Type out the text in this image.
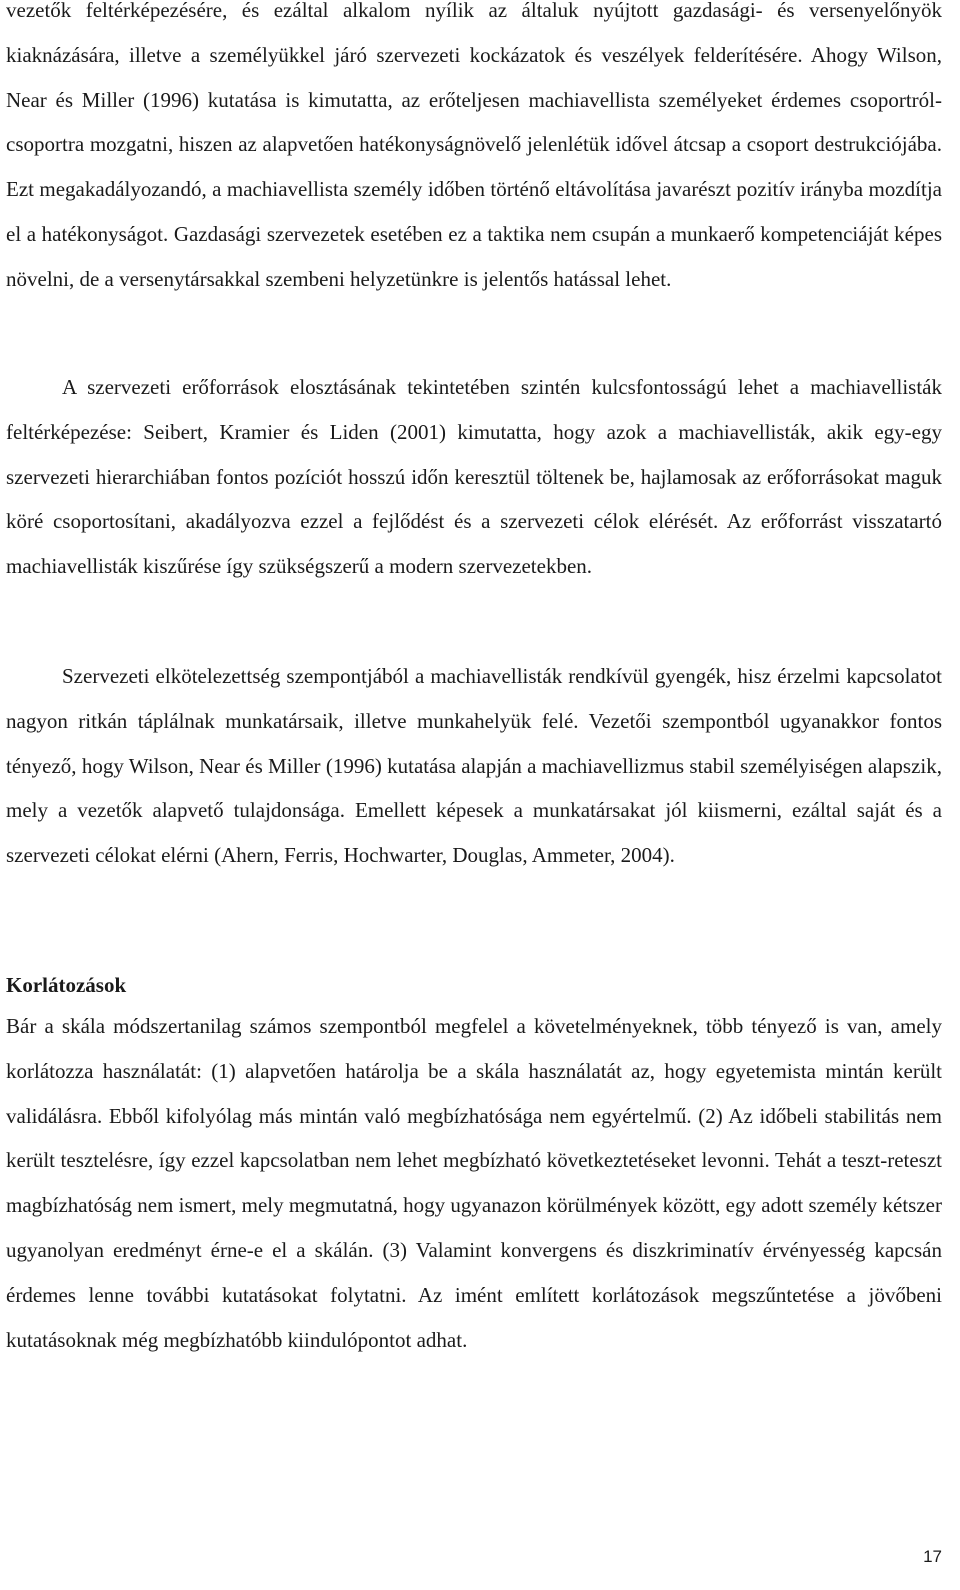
vezetők feltérképezésére, és ezáltal alkalom nyílik az általuk nyújtott gazdasági- és versenyelőnyök kiaknázására, illetve a személyükkel járó szervezeti kockázatok és veszélyek felderítésére. Ahogy Wilson, Near és Miller (1996) kutatása is kimutatta, az erőteljesen machiavellista személyeket érdemes csoportról-csoportra mozgatni, hiszen az alapvetően hatékonyságnövelő jelenlétük idővel átcsap a csoport destrukciójába. Ezt megakadályozandó, a machiavellista személy időben történő eltávolítása javarészt pozitív irányba mozdítja el a hatékonyságot. Gazdasági szervezetek esetében ez a taktika nem csupán a munkaerő kompetenciáját képes növelni, de a versenytársakkal szembeni helyzetünkre is jelentős hatással lehet.

A szervezeti erőforrások elosztásának tekintetében szintén kulcsfontosságú lehet a machiavellisták feltérképezése: Seibert, Kramier és Liden (2001) kimutatta, hogy azok a machiavellisták, akik egy-egy szervezeti hierarchiában fontos pozíciót hosszú időn keresztül töltenek be, hajlamosak az erőforrásokat maguk köré csoportosítani, akadályozva ezzel a fejlődést és a szervezeti célok elérését. Az erőforrást visszatartó machiavellisták kiszűrése így szükségszerű a modern szervezetekben.

Szervezeti elkötelezettség szempontjából a machiavellisták rendkívül gyengék, hisz érzelmi kapcsolatot nagyon ritkán táplálnak munkatársaik, illetve munkahelyük felé. Vezetői szempontból ugyanakkor fontos tényező, hogy Wilson, Near és Miller (1996) kutatása alapján a machiavellizmus stabil személyiségen alapszik, mely a vezetők alapvető tulajdonsága. Emellett képesek a munkatársakat jól kiismerni, ezáltal saját és a szervezeti célokat elérni (Ahern, Ferris, Hochwarter, Douglas, Ammeter, 2004).

Korlátozások

Bár a skála módszertanilag számos szempontból megfelel a követelményeknek, több tényező is van, amely korlátozza használatát: (1) alapvetően határolja be a skála használatát az, hogy egyetemista mintán került validálásra. Ebből kifolyólag más mintán való megbízhatósága nem egyértelmű. (2) Az időbeli stabilitás nem került tesztelésre, így ezzel kapcsolatban nem lehet megbízható következtetéseket levonni. Tehát a teszt-reteszt magbízhatóság nem ismert, mely megmutatná, hogy ugyanazon körülmények között, egy adott személy kétszer ugyanolyan eredményt érne-e el a skálán. (3) Valamint konvergens és diszkriminatív érvényesség kapcsán érdemes lenne további kutatásokat folytatni. Az imént említett korlátozások megszűntetése a jövőbeni kutatásoknak még megbízhatóbb kiindulópontot adhat.

17
